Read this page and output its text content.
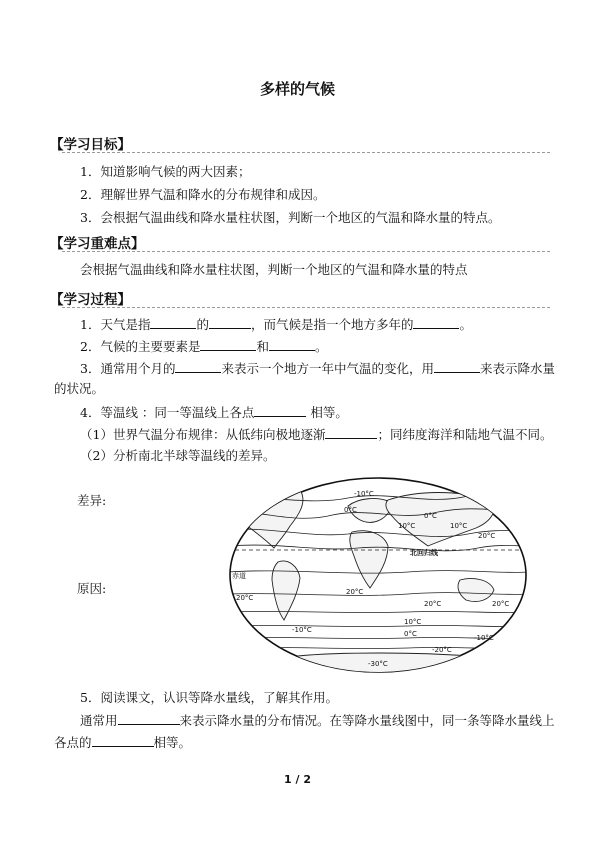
多样的气候
【学习目标】
1．知道影响气候的两大因素；
2．理解世界气温和降水的分布规律和成因。
3．会根据气温曲线和降水量柱状图，判断一个地区的气温和降水量的特点。
【学习重难点】
会根据气温曲线和降水量柱状图，判断一个地区的气温和降水量的特点
【学习过程】
1．天气是指	的	，而气候是指一个地方多年的	。
2．气候的主要要素是	和	。
3．通常用个月的	来表示一个地方一年中气温的变化，用	来表示降水量
的状况。
4．等温线 ：同一等温线上各点	相等。
（1）世界气温分布规律：从低纬向极地逐渐	；同纬度海洋和陆地气温不同。
（2）分析南北半球等温线的差异。
差异:
原因:
-10°C
0°C
10°C
0°C
10°C
20°C
北回归线
20°C
20°C
20°C	20°C
10°C
0°C	-10°C
-20°C
-30°C
-10°C
赤道
5．阅读课文，认识等降水量线，了解其作用。
通常用	来表示降水量的分布情况。在等降水量线图中，同一条等降水量线上
各点的	相等。
1 / 2
